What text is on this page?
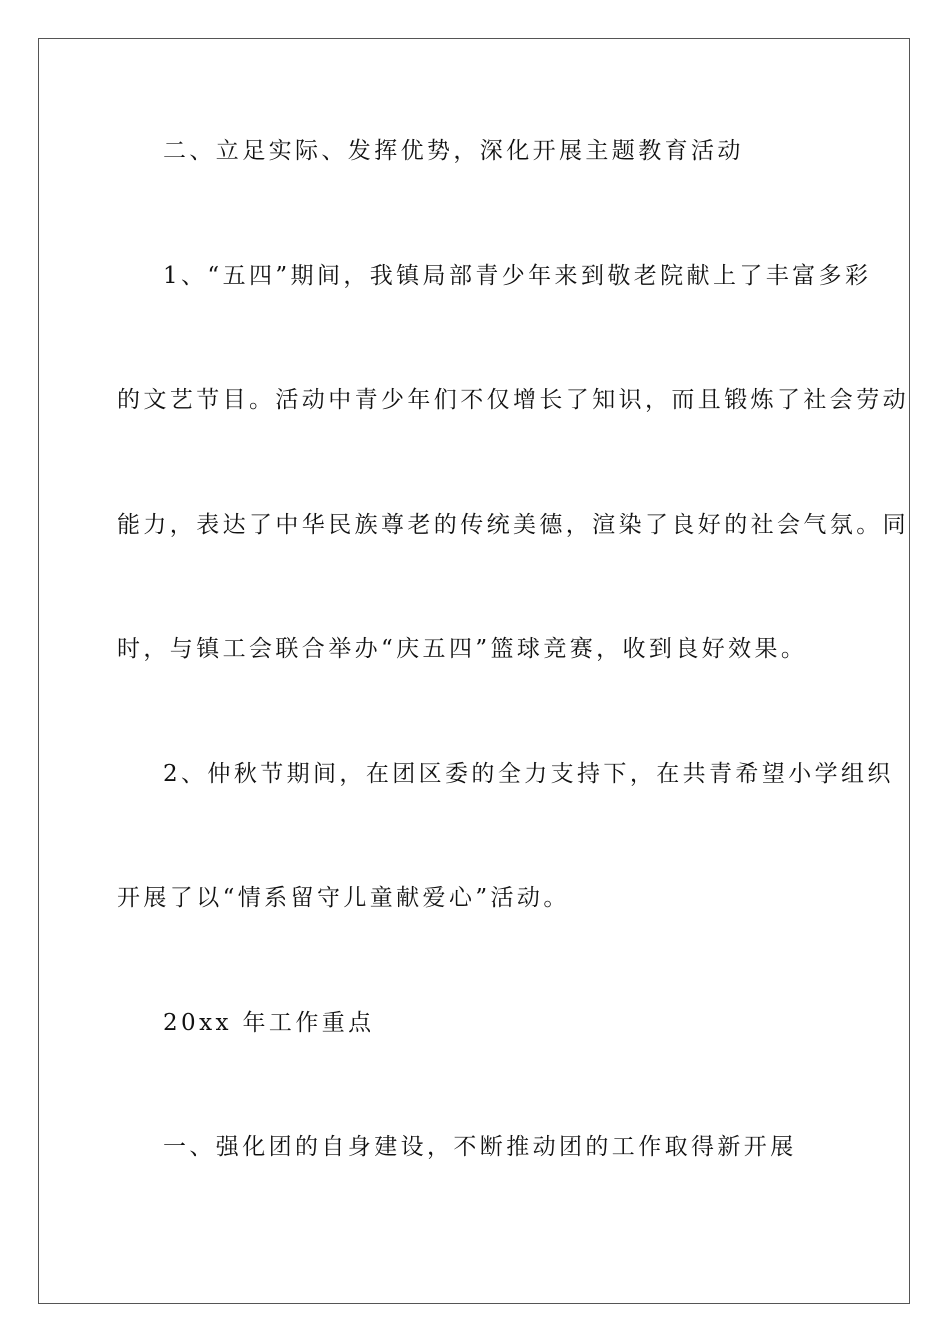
二、立足实际、发挥优势，深化开展主题教育活动
1、“五四”期间，我镇局部青少年来到敬老院献上了丰富多彩
的文艺节目。活动中青少年们不仅增长了知识，而且锻炼了社会劳动
能力，表达了中华民族尊老的传统美德，渲染了良好的社会气氛。同
时，与镇工会联合举办“庆五四”篮球竞赛，收到良好效果。
2、仲秋节期间，在团区委的全力支持下，在共青希望小学组织
开展了以“情系留守儿童献爱心”活动。
20xx 年工作重点
一、强化团的自身建设，不断推动团的工作取得新开展
